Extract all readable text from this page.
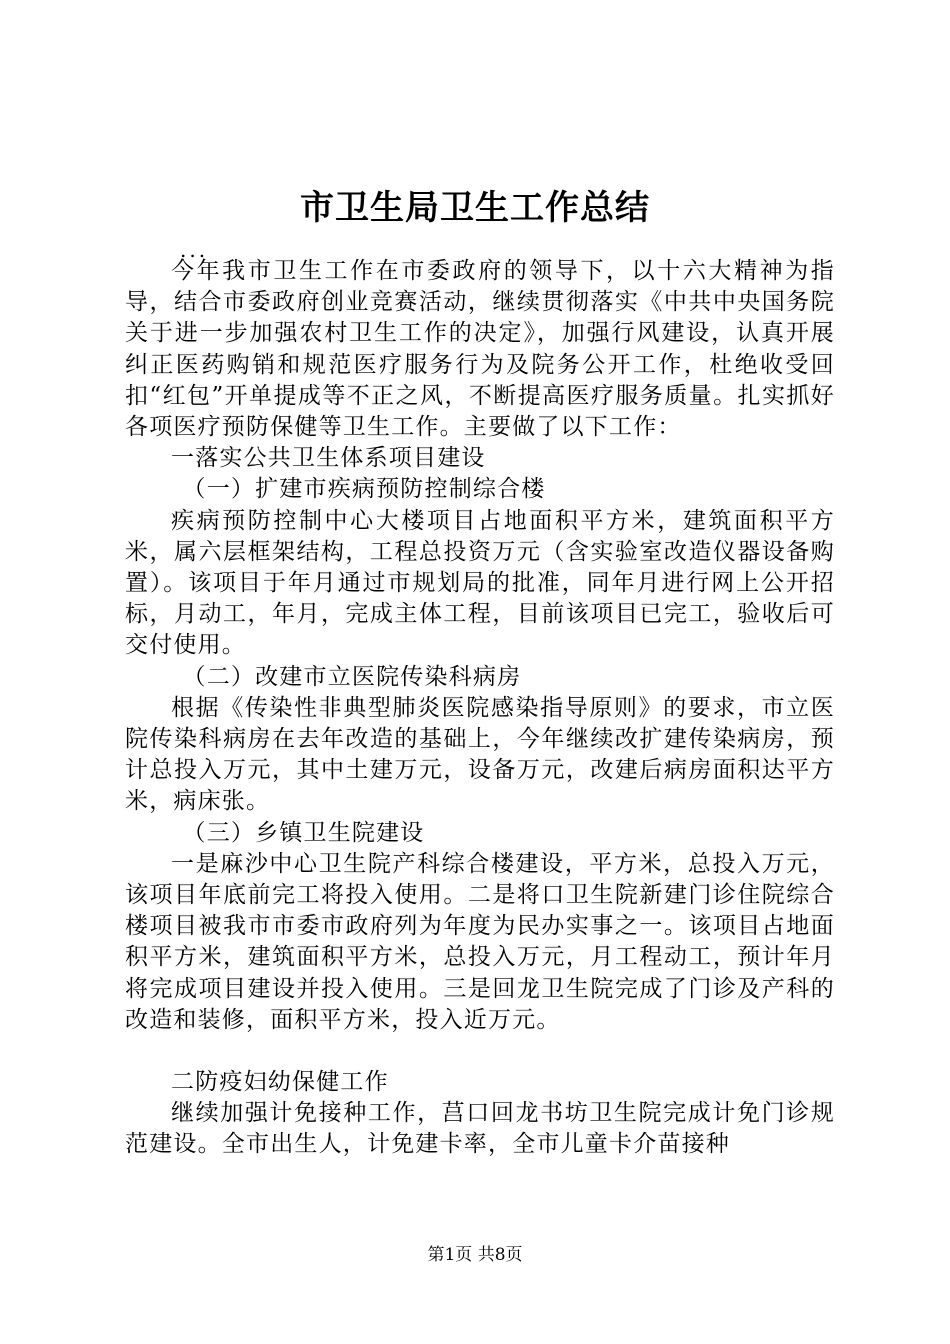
市卫生局卫生工作总结
...

今年我市卫生工作在市委政府的领导下，以十六大精神为指导，结合市委政府创业竞赛活动，继续贯彻落实《中共中央国务院关于进一步加强农村卫生工作的决定》，加强行风建设，认真开展纠正医药购销和规范医疗服务行为及院务公开工作，杜绝收受回扣“红包”开单提成等不正之风，不断提高医疗服务质量。扎实抓好各项医疗预防保健等卫生工作。主要做了以下工作：

一落实公共卫生体系项目建设

（一）扩建市疾病预防控制综合楼

疾病预防控制中心大楼项目占地面积平方米，建筑面积平方米，属六层框架结构，工程总投资万元（含实验室改造仪器设备购置）。该项目于年月通过市规划局的批准，同年月进行网上公开招标，月动工，年月，完成主体工程，目前该项目已完工，验收后可交付使用。

（二）改建市立医院传染科病房

根据《传染性非典型肺炎医院感染指导原则》的要求，市立医院传染科病房在去年改造的基础上，今年继续改扩建传染病房，预计总投入万元，其中土建万元，设备万元，改建后病房面积达平方米，病床张。

（三）乡镇卫生院建设

一是麻沙中心卫生院产科综合楼建设，平方米，总投入万元，该项目年底前完工将投入使用。二是将口卫生院新建门诊住院综合楼项目被我市市委市政府列为年度为民办实事之一。该项目占地面积平方米，建筑面积平方米，总投入万元，月工程动工，预计年月将完成项目建设并投入使用。三是回龙卫生院完成了门诊及产科的改造和装修，面积平方米，投入近万元。

二防疫妇幼保健工作

继续加强计免接种工作，莒口回龙书坊卫生院完成计免门诊规范建设。全市出生人，计免建卡率，全市儿童卡介苗接种

第1页 共8页
